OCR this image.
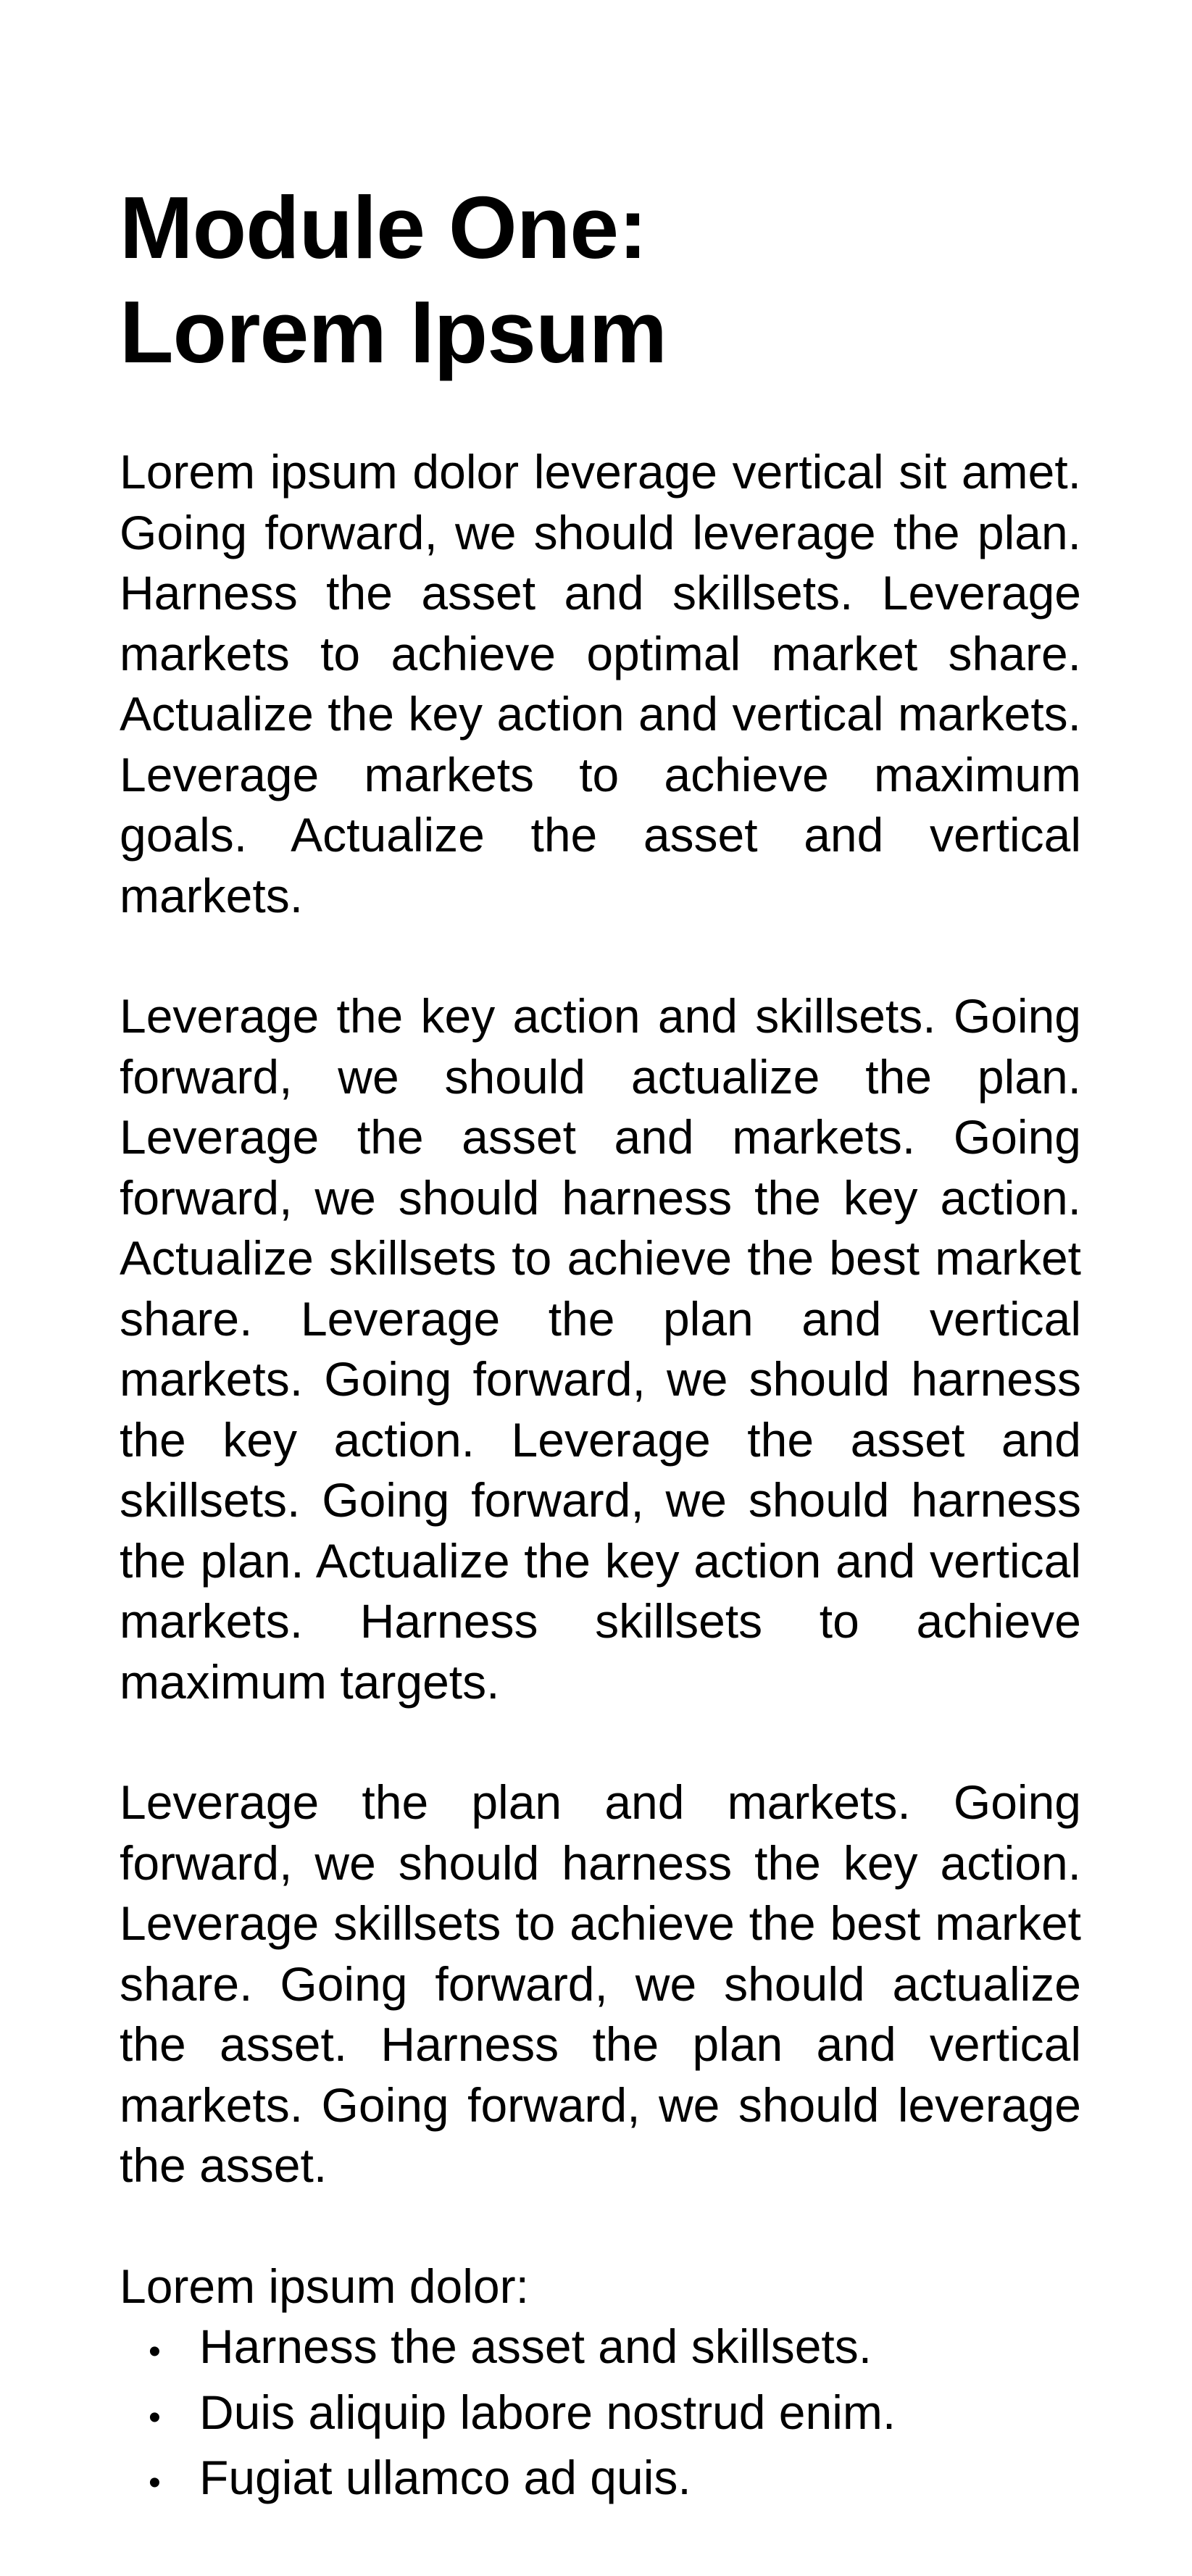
Module One:
Lorem Ipsum

Lorem ipsum dolor leverage vertical sit amet. Going forward, we should leverage the plan. Harness the asset and skillsets. Leverage markets to achieve optimal market share. Actualize the key action and vertical markets. Leverage markets to achieve maximum goals. Actualize the asset and vertical markets.

Leverage the key action and skillsets. Going forward, we should actualize the plan. Leverage the asset and markets. Going forward, we should harness the key action. Actualize skillsets to achieve the best market share. Leverage the plan and vertical markets. Going forward, we should harness the key action. Leverage the asset and skillsets. Going forward, we should harness the plan. Actualize the key action and vertical markets. Harness skillsets to achieve maximum targets.

Leverage the plan and markets. Going forward, we should harness the key action. Leverage skillsets to achieve the best market share. Going forward, we should actualize the asset. Harness the plan and vertical markets. Going forward, we should leverage the asset.

Lorem ipsum dolor:
• Harness the asset and skillsets.
• Duis aliquip labore nostrud enim.
• Fugiat ullamco ad quis.
